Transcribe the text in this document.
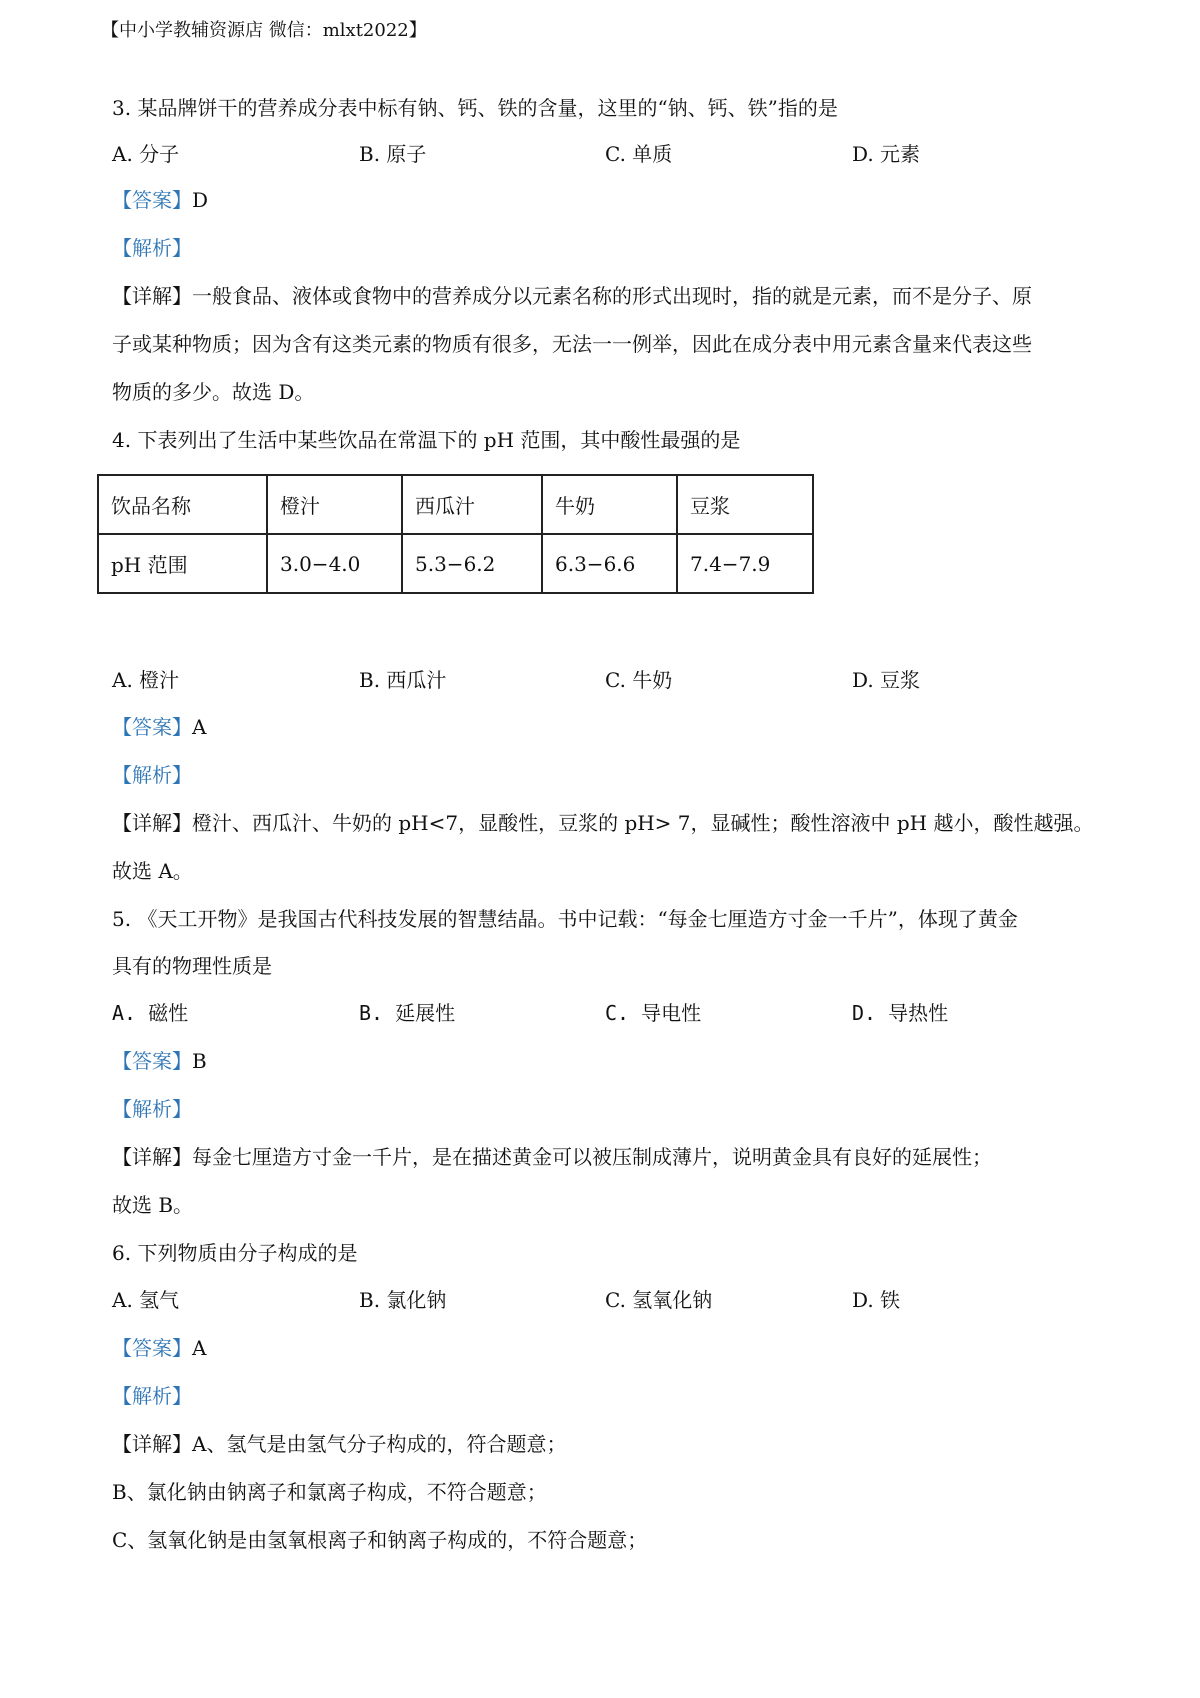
【中小学教辅资源店 微信：mlxt2022】
3. 某品牌饼干的营养成分表中标有钠、钙、铁的含量，这里的“钠、钙、铁”指的是
A. 分子	B. 原子	C. 单质	D. 元素
【答案】D
【解析】
【详解】一般食品、液体或食物中的营养成分以元素名称的形式出现时，指的就是元素，而不是分子、原
子或某种物质；因为含有这类元素的物质有很多，无法一一例举，因此在成分表中用元素含量来代表这些
物质的多少。故选 D。
4. 下表列出了生活中某些饮品在常温下的 pH 范围，其中酸性最强的是
饮品名称	橙汁	西瓜汁	牛奶	豆浆
pH 范围	3.0−4.0	5.3−6.2	6.3−6.6	7.4−7.9
A. 橙汁	B. 西瓜汁	C. 牛奶	D. 豆浆
【答案】A
【解析】
【详解】橙汁、西瓜汁、牛奶的 pH<7，显酸性，豆浆的 pH> 7，显碱性；酸性溶液中 pH 越小，酸性越强。
故选 A。
5. 《天工开物》是我国古代科技发展的智慧结晶。书中记载：“每金七厘造方寸金一千片”，体现了黄金
具有的物理性质是
A. 磁性	B. 延展性	C. 导电性	D. 导热性
【答案】B
【解析】
【详解】每金七厘造方寸金一千片，是在描述黄金可以被压制成薄片，说明黄金具有良好的延展性；
故选 B。
6. 下列物质由分子构成的是
A. 氢气	B. 氯化钠	C. 氢氧化钠	D. 铁
【答案】A
【解析】
【详解】A、氢气是由氢气分子构成的，符合题意；
B、氯化钠由钠离子和氯离子构成，不符合题意；
C、氢氧化钠是由氢氧根离子和钠离子构成的，不符合题意；
